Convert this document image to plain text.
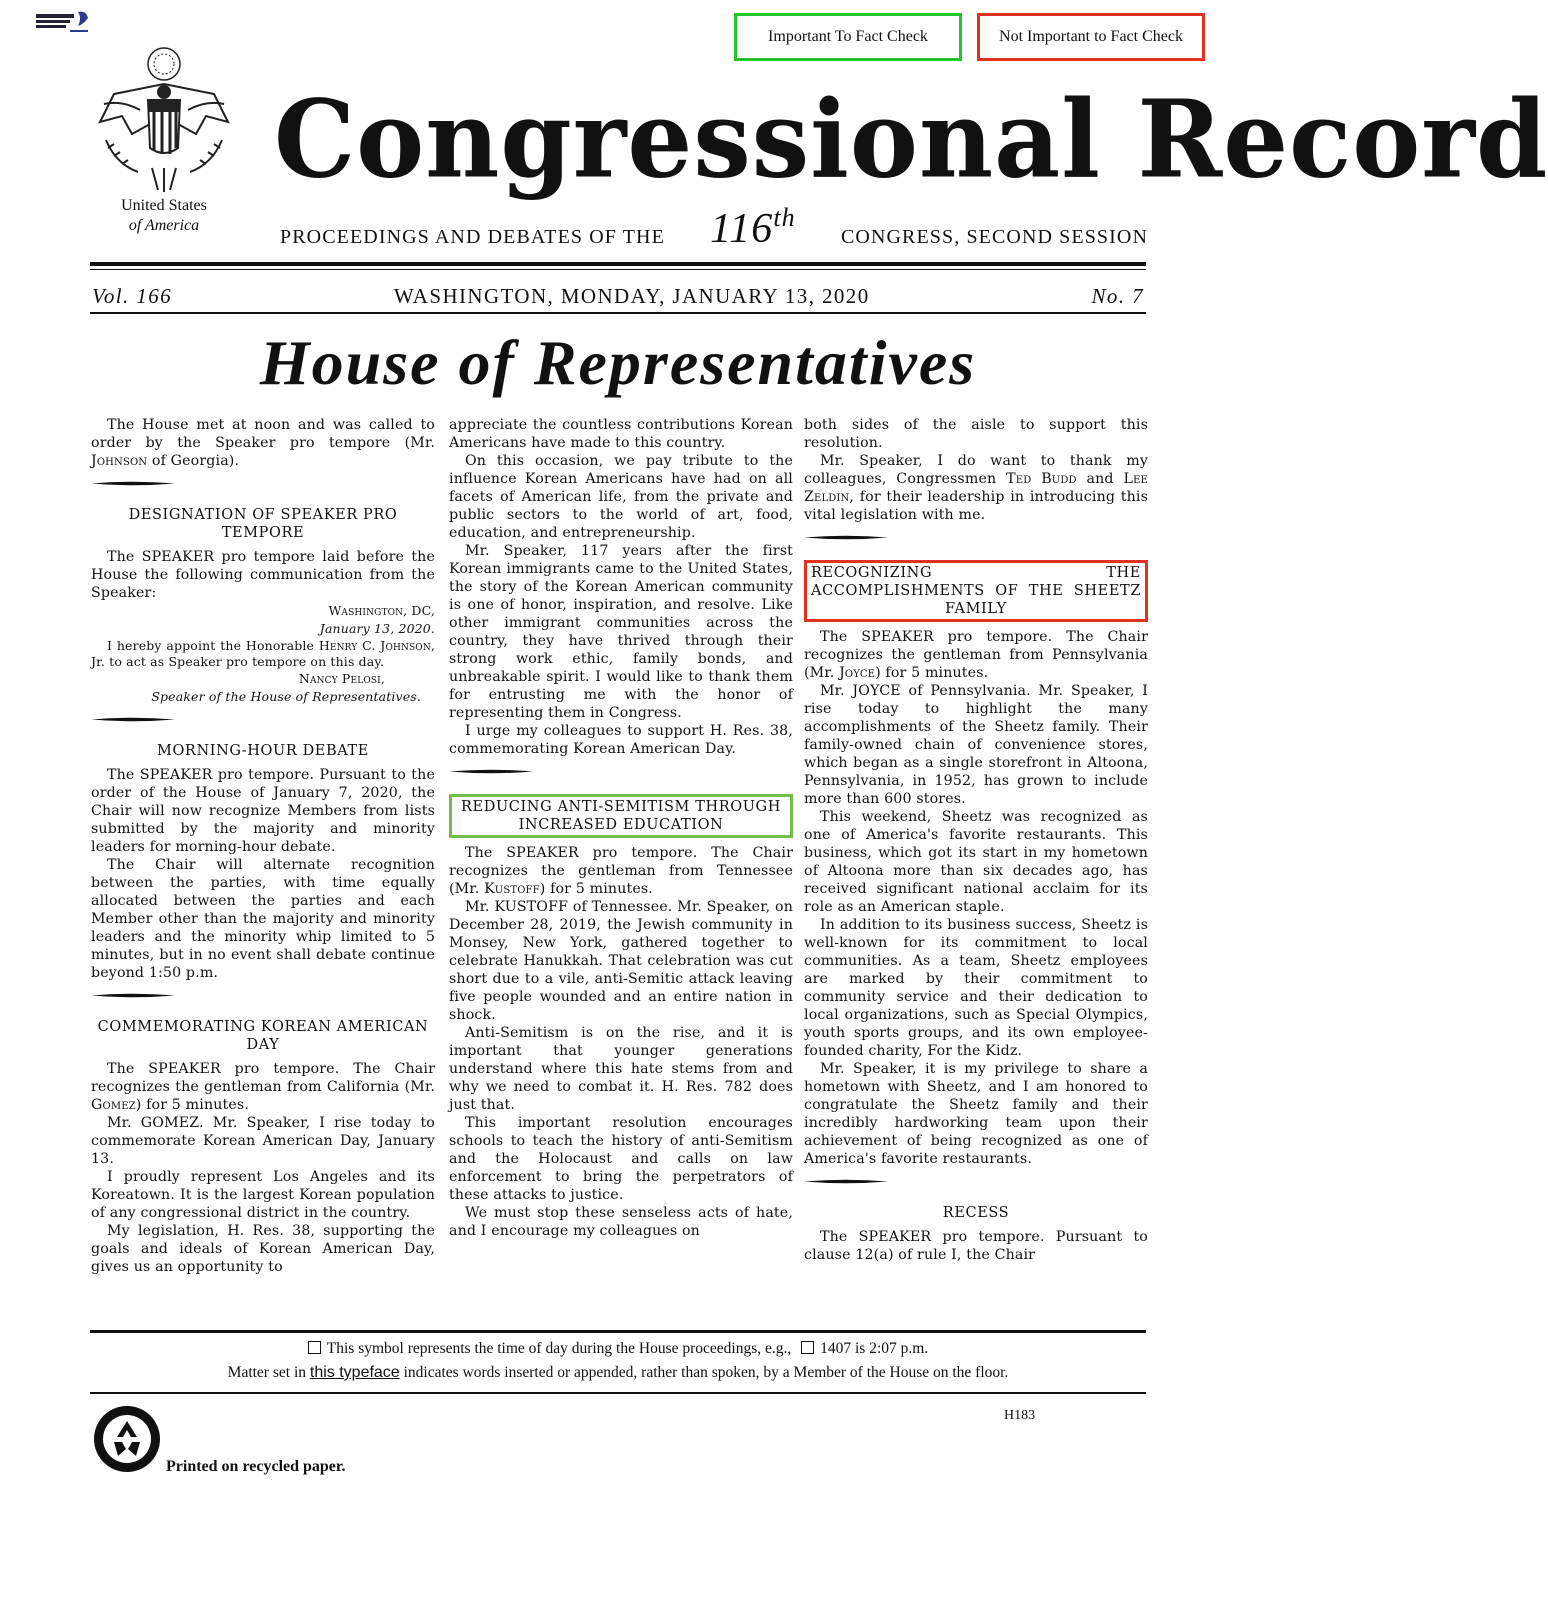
Important To Fact Check	Not Important to Fact Check
United States
of America
Congressional Record
PROCEEDINGS AND DEBATES OF THE 116th
CONGRESS, SECOND SESSION
Vol. 166	WASHINGTON, MONDAY, JANUARY 13, 2020	No. 7
House of Representatives

The House met at noon and was called to order by the Speaker pro tempore (Mr. Johnson of Georgia).

DESIGNATION OF SPEAKER PRO TEMPORE

The SPEAKER pro tempore laid before the House the following communication from the Speaker:

Washington, DC,
January 13, 2020.

I hereby appoint the Honorable Henry C. Johnson, Jr. to act as Speaker pro tempore on this day.

Nancy Pelosi,

Speaker of the House of Representatives.

MORNING-HOUR DEBATE

The SPEAKER pro tempore. Pursuant to the order of the House of January 7, 2020, the Chair will now recognize Members from lists submitted by the majority and minority leaders for morning-hour debate.

The Chair will alternate recognition between the parties, with time equally allocated between the parties and each Member other than the majority and minority leaders and the minority whip limited to 5 minutes, but in no event shall debate continue beyond 1:50 p.m.

COMMEMORATING KOREAN AMERICAN DAY

The SPEAKER pro tempore. The Chair recognizes the gentleman from California (Mr. Gomez) for 5 minutes.

Mr. GOMEZ. Mr. Speaker, I rise today to commemorate Korean American Day, January 13.

I proudly represent Los Angeles and its Koreatown. It is the largest Korean population of any congressional district in the country.

My legislation, H. Res. 38, supporting the goals and ideals of Korean American Day, gives us an opportunity to

appreciate the countless contributions Korean Americans have made to this country.

On this occasion, we pay tribute to the influence Korean Americans have had on all facets of American life, from the private and public sectors to the world of art, food, education, and entrepreneurship.

Mr. Speaker, 117 years after the first Korean immigrants came to the United States, the story of the Korean American community is one of honor, inspiration, and resolve. Like other immigrant communities across the country, they have thrived through their strong work ethic, family bonds, and unbreakable spirit. I would like to thank them for entrusting me with the honor of representing them in Congress.

I urge my colleagues to support H. Res. 38, commemorating Korean American Day.

REDUCING ANTI-SEMITISM THROUGH INCREASED EDUCATION

The SPEAKER pro tempore. The Chair recognizes the gentleman from Tennessee (Mr. Kustoff) for 5 minutes.

Mr. KUSTOFF of Tennessee. Mr. Speaker, on December 28, 2019, the Jewish community in Monsey, New York, gathered together to celebrate Hanukkah. That celebration was cut short due to a vile, anti-Semitic attack leaving five people wounded and an entire nation in shock.

Anti-Semitism is on the rise, and it is important that younger generations understand where this hate stems from and why we need to combat it. H. Res. 782 does just that.

This important resolution encourages schools to teach the history of anti-Semitism and the Holocaust and calls on law enforcement to bring the perpetrators of these attacks to justice.

We must stop these senseless acts of hate, and I encourage my colleagues on

both sides of the aisle to support this resolution.

Mr. Speaker, I do want to thank my colleagues, Congressmen Ted Budd and Lee Zeldin, for their leadership in introducing this vital legislation with me.

RECOGNIZING THE ACCOMPLISHMENTS OF THE SHEETZ FAMILY

The SPEAKER pro tempore. The Chair recognizes the gentleman from Pennsylvania (Mr. Joyce) for 5 minutes.

Mr. JOYCE of Pennsylvania. Mr. Speaker, I rise today to highlight the many accomplishments of the Sheetz family. Their family-owned chain of convenience stores, which began as a single storefront in Altoona, Pennsylvania, in 1952, has grown to include more than 600 stores.

This weekend, Sheetz was recognized as one of America's favorite restaurants. This business, which got its start in my hometown of Altoona more than six decades ago, has received significant national acclaim for its role as an American staple.

In addition to its business success, Sheetz is well-known for its commitment to local communities. As a team, Sheetz employees are marked by their commitment to community service and their dedication to local organizations, such as Special Olympics, youth sports groups, and its own employee-founded charity, For the Kidz.

Mr. Speaker, it is my privilege to share a hometown with Sheetz, and I am honored to congratulate the Sheetz family and their incredibly hardworking team upon their achievement of being recognized as one of America's favorite restaurants.

RECESS

The SPEAKER pro tempore. Pursuant to clause 12(a) of rule I, the Chair

This symbol represents the time of day during the House proceedings, e.g., 1407 is 2:07 p.m.
Matter set in this typeface indicates words inserted or appended, rather than spoken, by a Member of the House on the floor.
H183
Printed on recycled paper.
